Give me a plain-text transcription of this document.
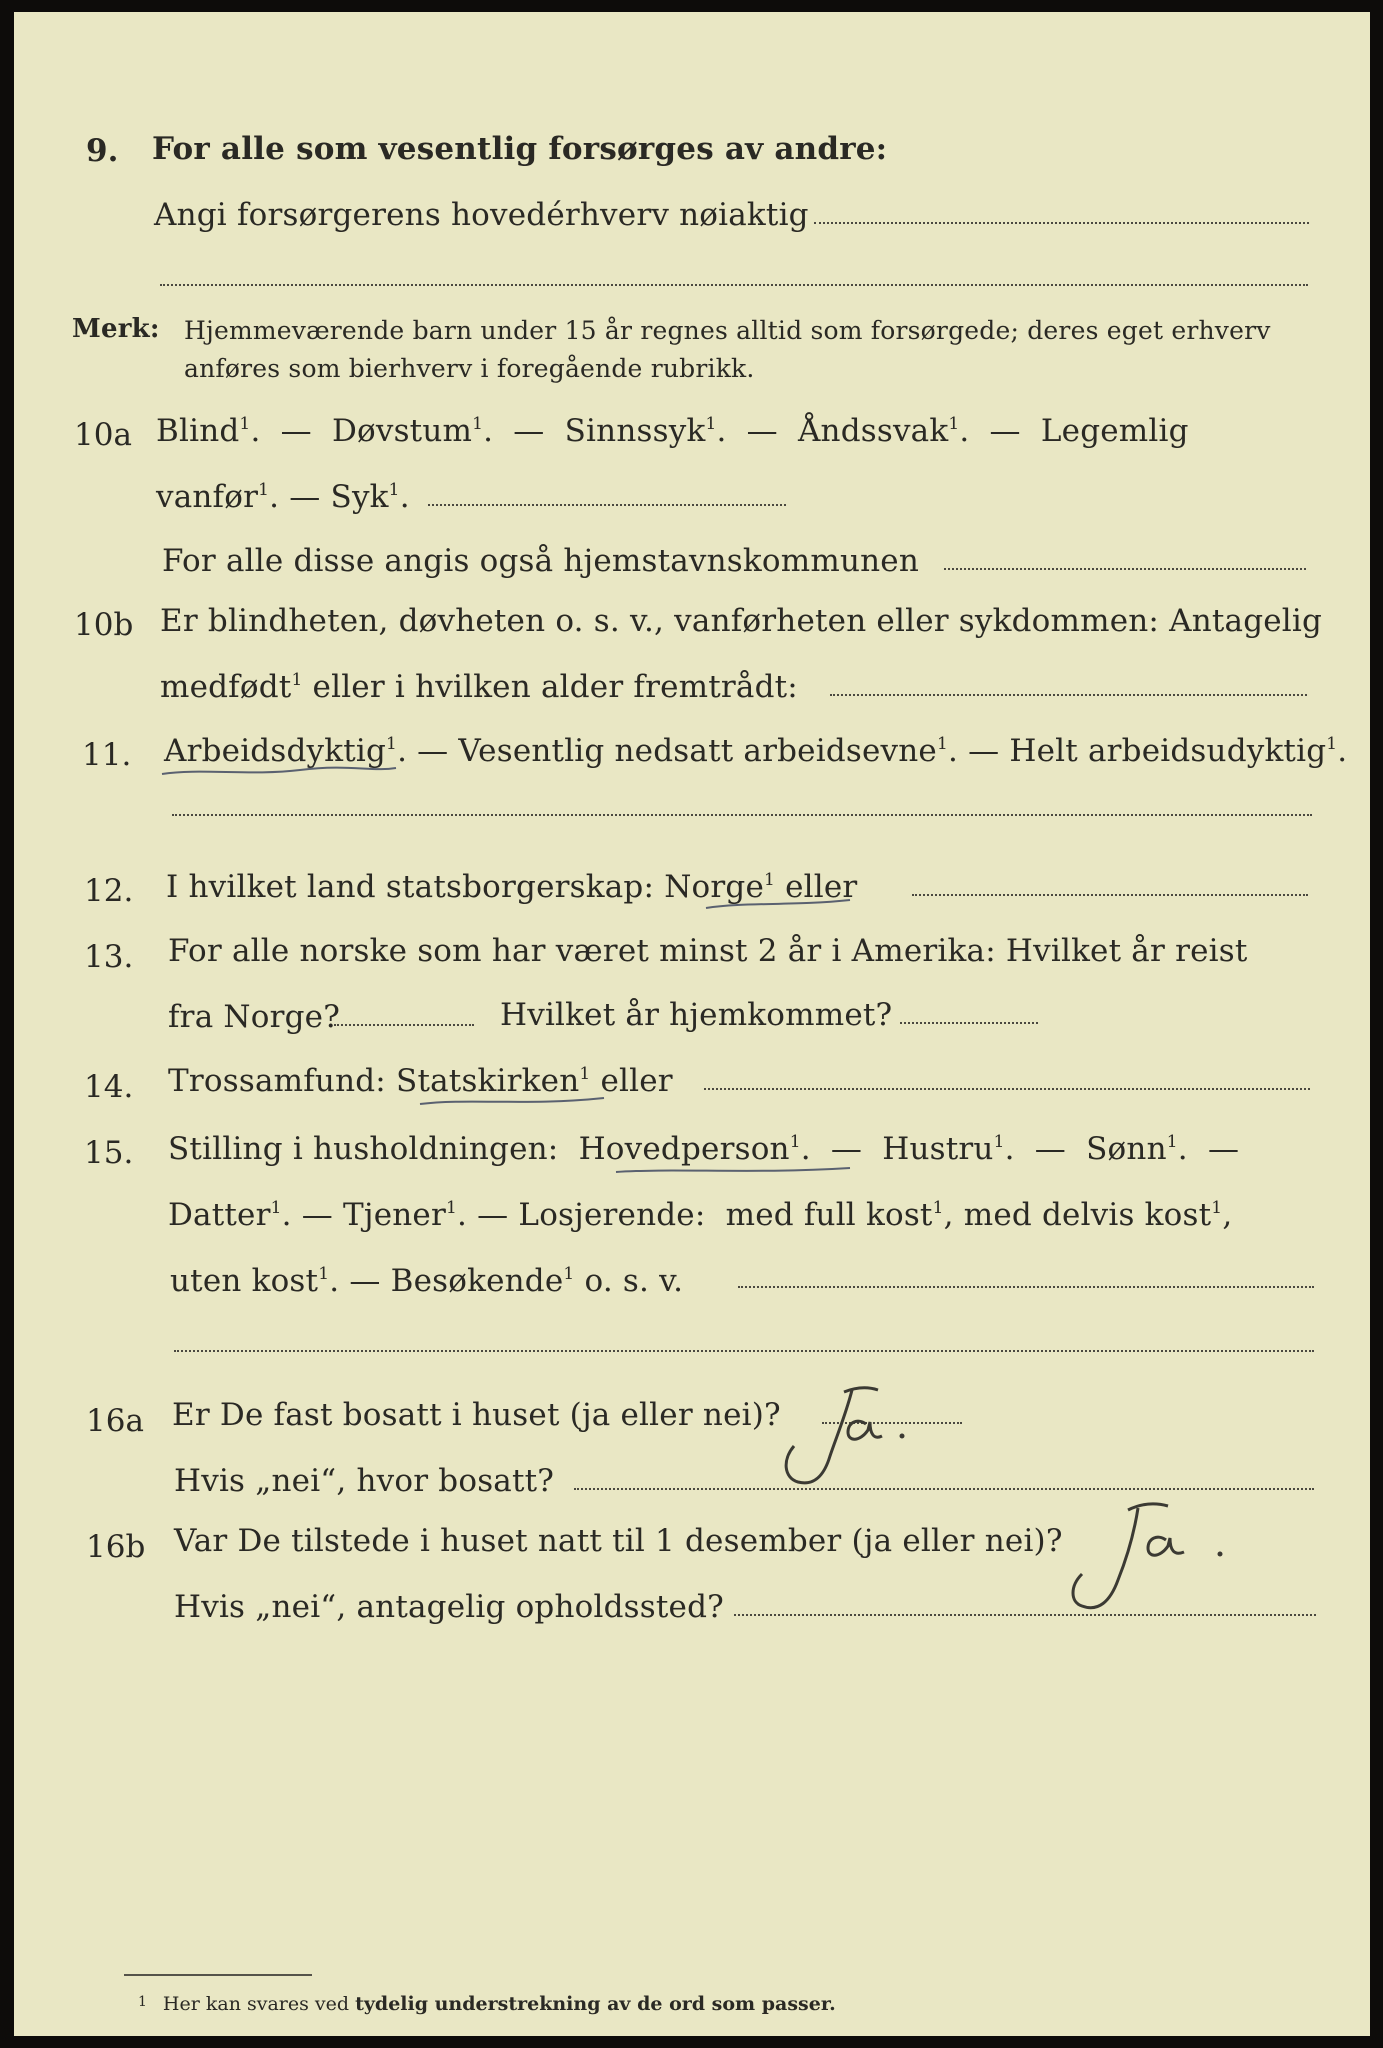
9. For alle som vesentlig forsørges av andre:
Angi forsørgerens hovedérhverv nøiaktig
Merk: Hjemmeværende barn under 15 år regnes alltid som forsørgede; deres eget erhverv
anføres som bierhverv i foregående rubrikk.
10a Blind$^1$.  —  Døvstum$^1$.  —  Sinnssyk$^1$.  —  Åndssvak$^1$.  —  Legemlig
vanfør$^1$. — Syk$^1$.
For alle disse angis også hjemstavnskommunen
10b Er blindheten, døvheten o. s. v., vanførheten eller sykdommen: Antagelig
medfødt$^1$ eller i hvilken alder fremtrådt:
11. Arbeidsdyktig$^1$. — Vesentlig nedsatt arbeidsevne$^1$. — Helt arbeidsudyktig$^1$.
12. I hvilket land statsborgerskap: Norge$^1$ eller
13. For alle norske som har været minst 2 år i Amerika: Hvilket år reist
fra Norge?	Hvilket år hjemkommet?
14. Trossamfund: Statskirken$^1$ eller
15. Stilling i husholdningen: Hovedperson$^1$.  —  Hustru$^1$.  —  Sønn$^1$.  —
Datter$^1$. — Tjener$^1$. — Losjerende: med full kost$^1$, med delvis kost$^1$,
uten kost$^1$. — Besøkende$^1$ o. s. v.
16a Er De fast bosatt i huset (ja eller nei)?
Hvis „nei“, hvor bosatt?
16b Var De tilstede i huset natt til 1 desember (ja eller nei)?
Hvis „nei“, antagelig opholdssted?
$^1$ Her kan svares ved tydelig understrekning av de ord som passer.
